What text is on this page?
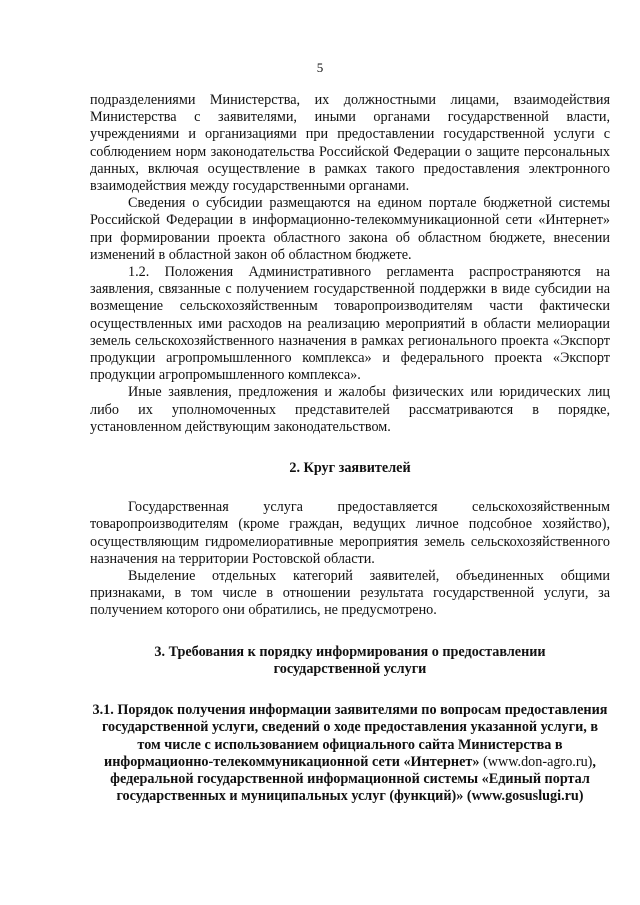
5

подразделениями Министерства, их должностными лицами, взаимодействия Министерства с заявителями, иными органами государственной власти, учреждениями и организациями при предоставлении государственной услуги с соблюдением норм законодательства Российской Федерации о защите персональных данных, включая осуществление в рамках такого предоставления электронного взаимодействия между государственными органами.

Сведения о субсидии размещаются на едином портале бюджетной системы Российской Федерации в информационно-телекоммуникационной сети «Интернет» при формировании проекта областного закона об областном бюджете, внесении изменений в областной закон об областном бюджете.

1.2. Положения Административного регламента распространяются на заявления, связанные с получением государственной поддержки в виде субсидии на возмещение сельскохозяйственным товаропроизводителям части фактически осуществленных ими расходов на реализацию мероприятий в области мелиорации земель сельскохозяйственного назначения в рамках регионального проекта «Экспорт продукции агропромышленного комплекса» и федерального проекта «Экспорт продукции агропромышленного комплекса».

Иные заявления, предложения и жалобы физических или юридических лиц либо их уполномоченных представителей рассматриваются в порядке, установленном действующим законодательством.

2. Круг заявителей

Государственная услуга предоставляется сельскохозяйственным товаропроизводителям (кроме граждан, ведущих личное подсобное хозяйство), осуществляющим гидромелиоративные мероприятия земель сельскохозяйственного назначения на территории Ростовской области.

Выделение отдельных категорий заявителей, объединенных общими признаками, в том числе в отношении результата государственной услуги, за получением которого они обратились, не предусмотрено.

3. Требования к порядку информирования о предоставлении

государственной услуги

3.1. Порядок получения информации заявителями по вопросам предоставления государственной услуги, сведений о ходе предоставления указанной услуги, в том числе с использованием официального сайта Министерства в информационно-телекоммуникационной сети «Интернет» (www.don-agro.ru), федеральной государственной информационной системы «Единый портал государственных и муниципальных услуг (функций)» (www.gosuslugi.ru)
